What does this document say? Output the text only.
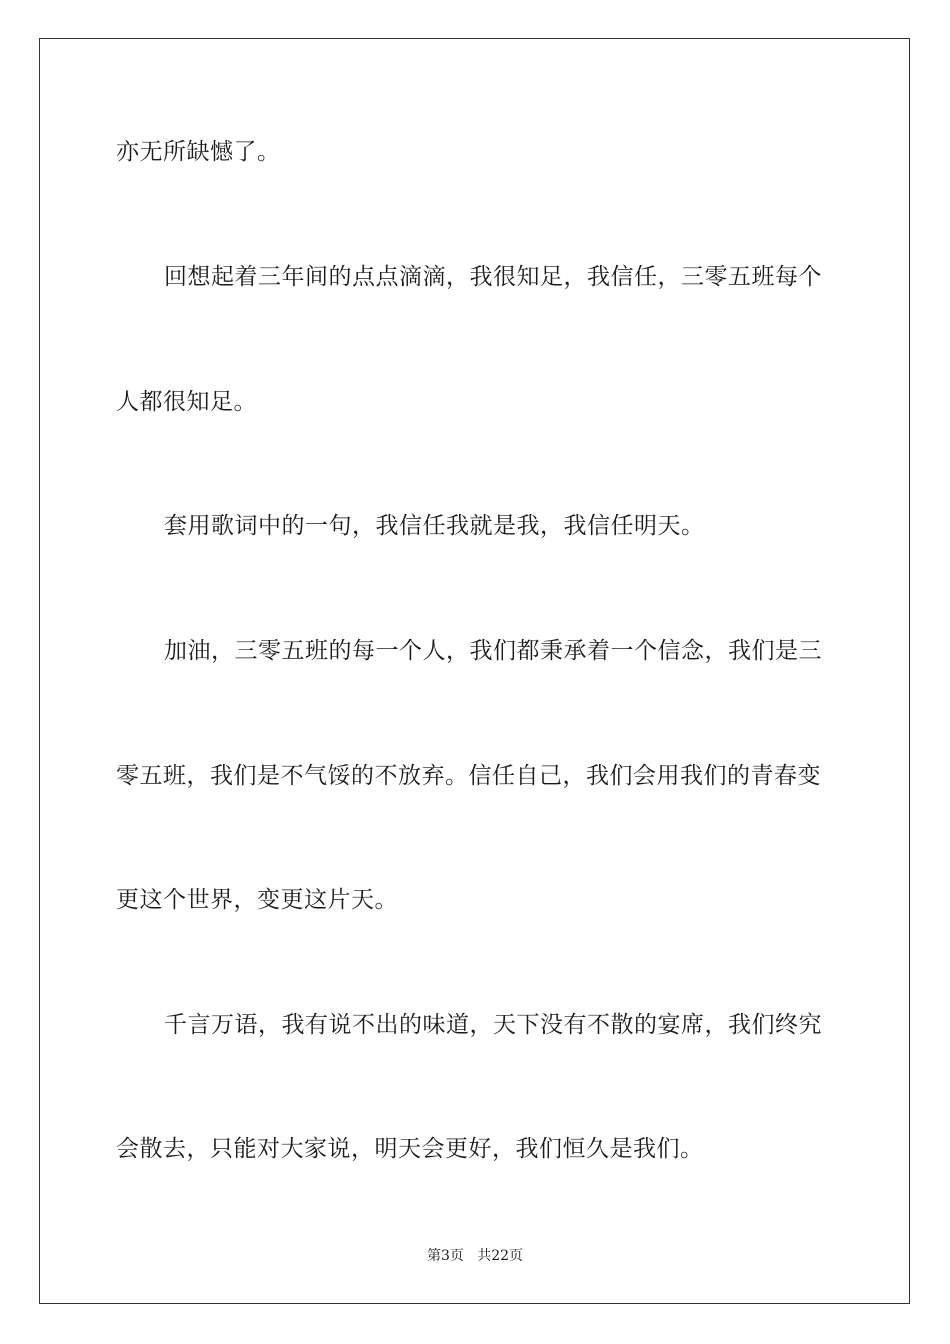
亦无所缺憾了。
回想起着三年间的点点滴滴，我很知足，我信任，三零五班每个
人都很知足。
套用歌词中的一句，我信任我就是我，我信任明天。
加油，三零五班的每一个人，我们都秉承着一个信念，我们是三
零五班，我们是不气馁的不放弃。信任自己，我们会用我们的青春变
更这个世界，变更这片天。
千言万语，我有说不出的味道，天下没有不散的宴席，我们终究
会散去，只能对大家说，明天会更好，我们恒久是我们。
第3页   共22页
